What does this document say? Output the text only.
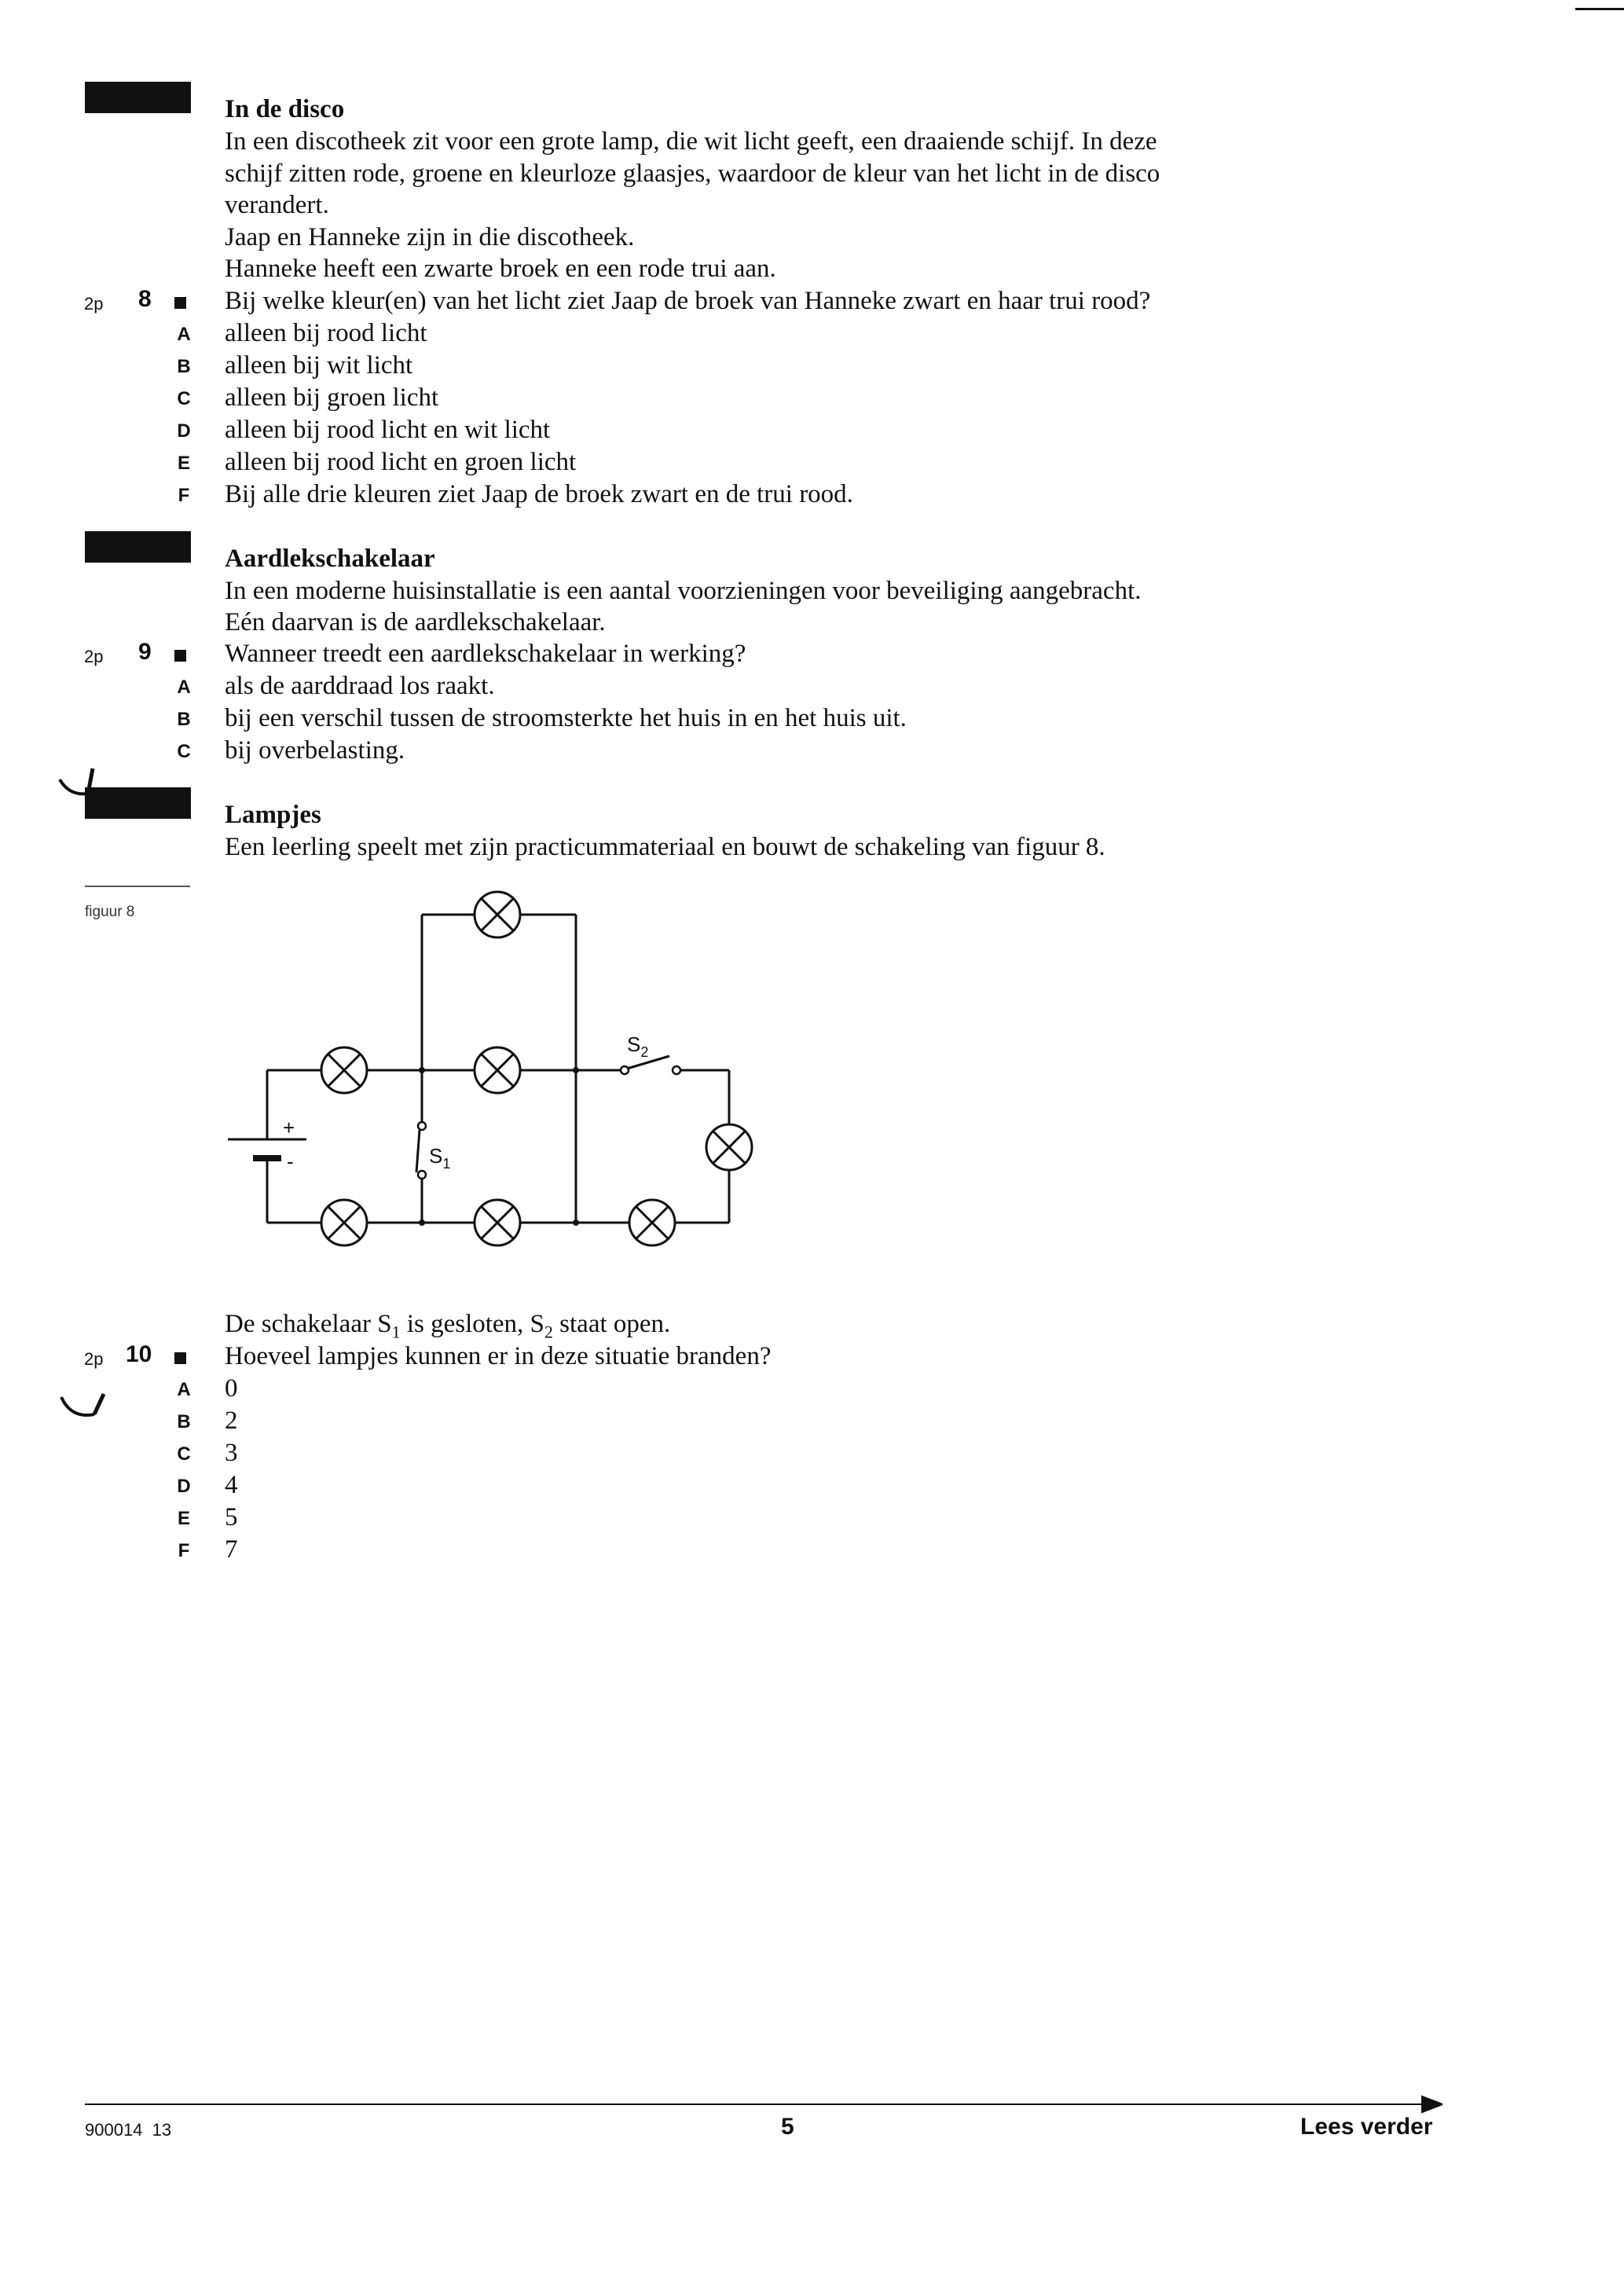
In de disco
In een discotheek zit voor een grote lamp, die wit licht geeft, een draaiende schijf. In deze
schijf zitten rode, groene en kleurloze glaasjes, waardoor de kleur van het licht in de disco
verandert.
Jaap en Hanneke zijn in die discotheek.
Hanneke heeft een zwarte broek en een rode trui aan.
2p 8	Bij welke kleur(en) van het licht ziet Jaap de broek van Hanneke zwart en haar trui rood?
A alleen bij rood licht
B alleen bij wit licht
C alleen bij groen licht
D alleen bij rood licht en wit licht
E alleen bij rood licht en groen licht
F Bij alle drie kleuren ziet Jaap de broek zwart en de trui rood.
Aardlekschakelaar
In een moderne huisinstallatie is een aantal voorzieningen voor beveiliging aangebracht.
Eén daarvan is de aardlekschakelaar.
2p 9	Wanneer treedt een aardlekschakelaar in werking?
A als de aarddraad los raakt.
B bij een verschil tussen de stroomsterkte het huis in en het huis uit.
C bij overbelasting.
Lampjes
Een leerling speelt met zijn practicummateriaal en bouwt de schakeling van figuur 8.
figuur 8
+
-	$S_1$
$S_2$
De schakelaar $S_1$ is gesloten, $S_2$ staat open.
2p 10	Hoeveel lampjes kunnen er in deze situatie branden?
A 0
B 2
C 3
D 4
E 5
F 7
900014  13	5	Lees verder
